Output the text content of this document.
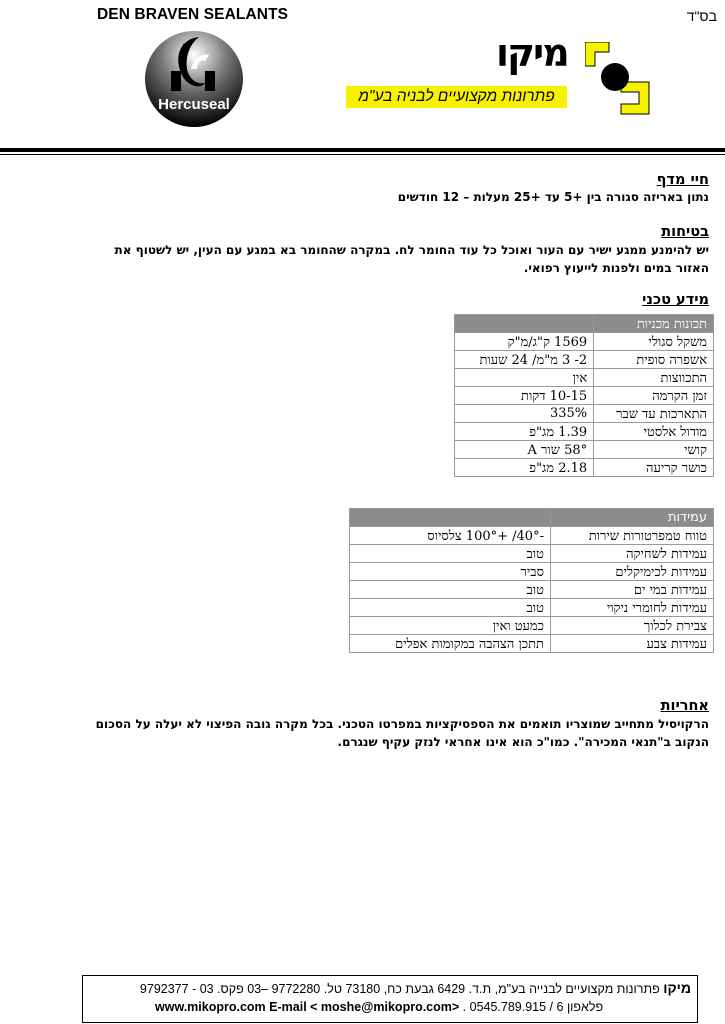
DEN BRAVEN SEALANTS	בס"ד
Hercuseal
מיקו
פתרונות מקצועיים לבניה בע"מ
חיי מדף
נתון באריזה סגורה בין +5 עד +25 מעלות – 12 חודשים
בטיחות
יש להימנע ממגע ישיר עם העור ואוכל כל עוד החומר לח. במקרה שהחומר בא במגע עם העין, יש לשטוף את האזור במים ולפנות לייעוץ רפואי.
מידע טכני
תכונות מכניות	
משקל סגולי	1569 ק"ג/מ"ק
אשפרה סופית	2- 3 מ"מ/ 24 שעות
התכווצות	אין
זמן הקרמה	10-15 דקות
התארכות עד שבר	335%
מודול אלסטי	1.39 מג"פ
קושי	58° שור A
כושר קריעה	2.18 מג"פ
עמידות	
טווח טמפרטורות שירות	-40°/ +100° צלסיוס
עמידות לשחיקה	טוב
עמידות לכימיקלים	סביר
עמידות במי ים	טוב
עמידות לחומרי ניקוי	טוב
צבירת לכלוך	כמעט ואין
עמידות צבע	תתכן הצהבה במקומות אפלים
אחריות
הרקויסיל מתחייב שמוצריו תואמים את הספסיקציות במפרטו הטכני. בכל מקרה גובה הפיצוי לא יעלה על הסכום הנקוב ב"תנאי המכירה". כמו"כ הוא אינו אחראי לנזק עקיף שנגרם.
מיקו פתרונות מקצועיים לבנייה בע"מ, ת.ד. 6429 גבעת כח, 73180 טל. 9772280 –03 פקס. 03 - 9792377
www.mikopro.com E-mail < moshe@mikopro.com> . 0545.789.915 / 6 פלאפון
